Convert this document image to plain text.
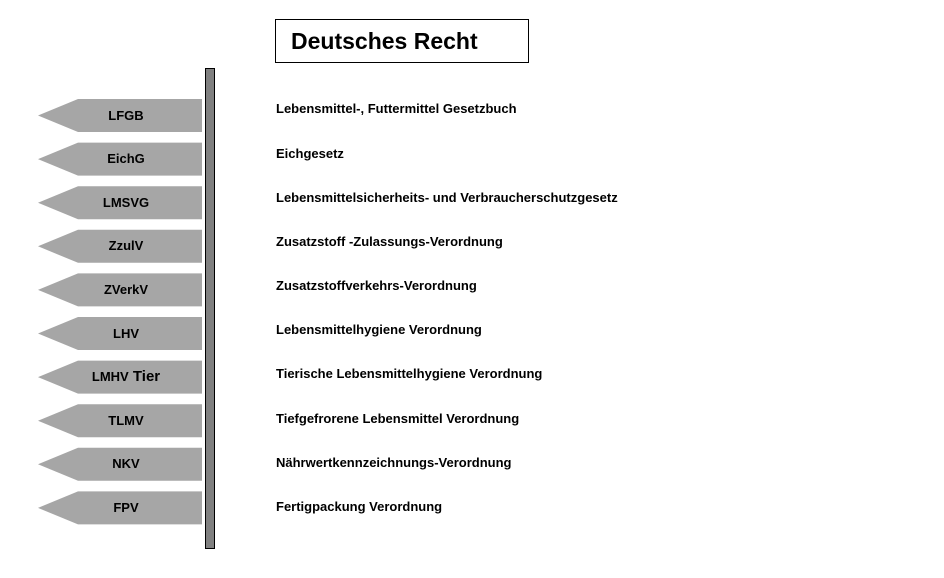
Deutsches Recht
LFGB	Lebensmittel-, Futtermittel Gesetzbuch
EichG	Eichgesetz
LMSVG	Lebensmittelsicherheits- und Verbraucherschutzgesetz
ZzulV	Zusatzstoff -Zulassungs-Verordnung
ZVerkV	Zusatzstoffverkehrs-Verordnung
LHV	Lebensmittelhygiene Verordnung
LMHV Tier	Tierische Lebensmittelhygiene Verordnung
TLMV	Tiefgefrorene Lebensmittel Verordnung
NKV	Nährwertkennzeichnungs-Verordnung
FPV	Fertigpackung Verordnung
